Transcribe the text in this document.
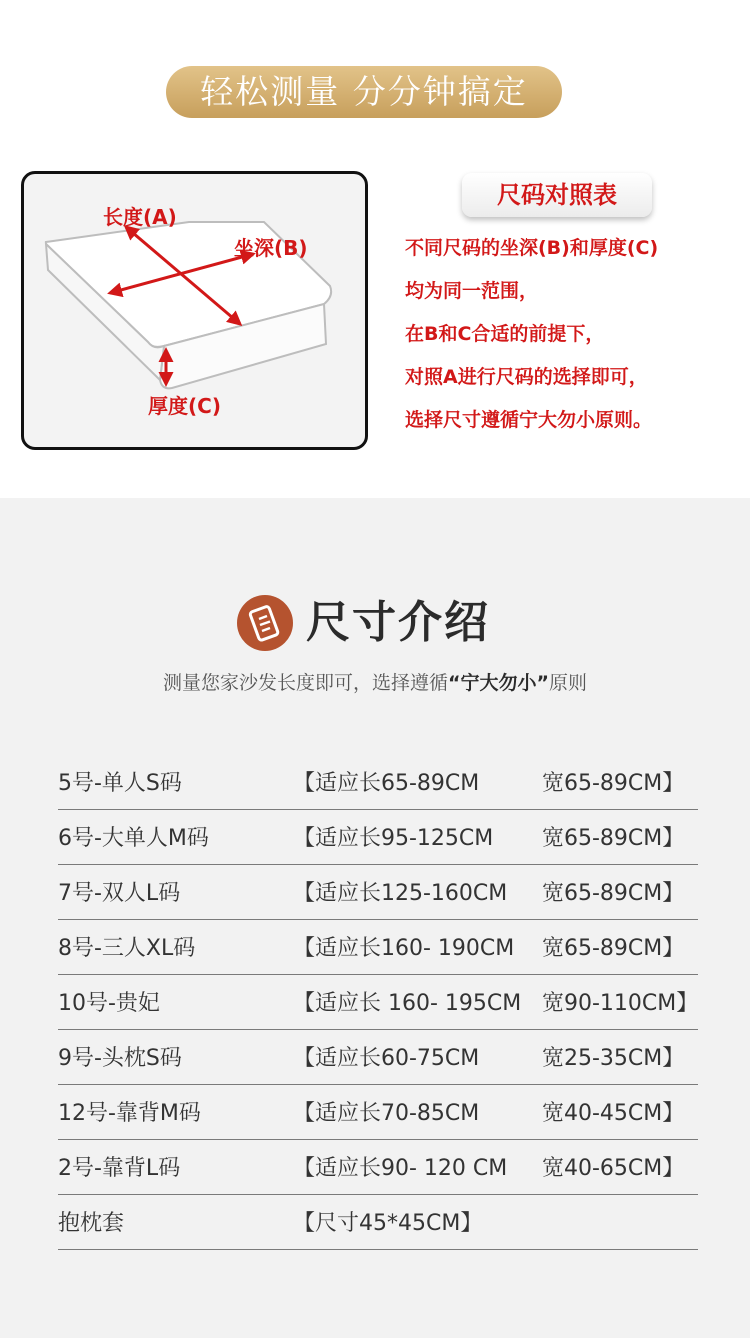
轻松测量 分分钟搞定
长度(A)
坐深(B)
厚度(C)
尺码对照表
不同尺码的坐深(B)和厚度(C)
均为同一范围，
在B和C合适的前提下，
对照A进行尺码的选择即可，
选择尺寸遵循宁大勿小原则。
尺寸介绍
测量您家沙发长度即可，选择遵循“宁大勿小”原则
5号-单人S码	【适应长65-89CM	宽65-89CM】
6号-大单人M码	【适应长95-125CM 宽65-89CM】
7号-双人L码	【适应长125-160CM 宽65-89CM】
8号-三人XL码	【适应长160- 190CM 宽65-89CM】
10号-贵妃	【适应长 160- 195CM 宽90-110CM】
9号-头枕S码	【适应长60-75CM	宽25-35CM】
12号-靠背M码	【适应长70-85CM	宽40-45CM】
2号-靠背L码	【适应长90- 120 CM 宽40-65CM】
抱枕套	【尺寸45*45CM】
